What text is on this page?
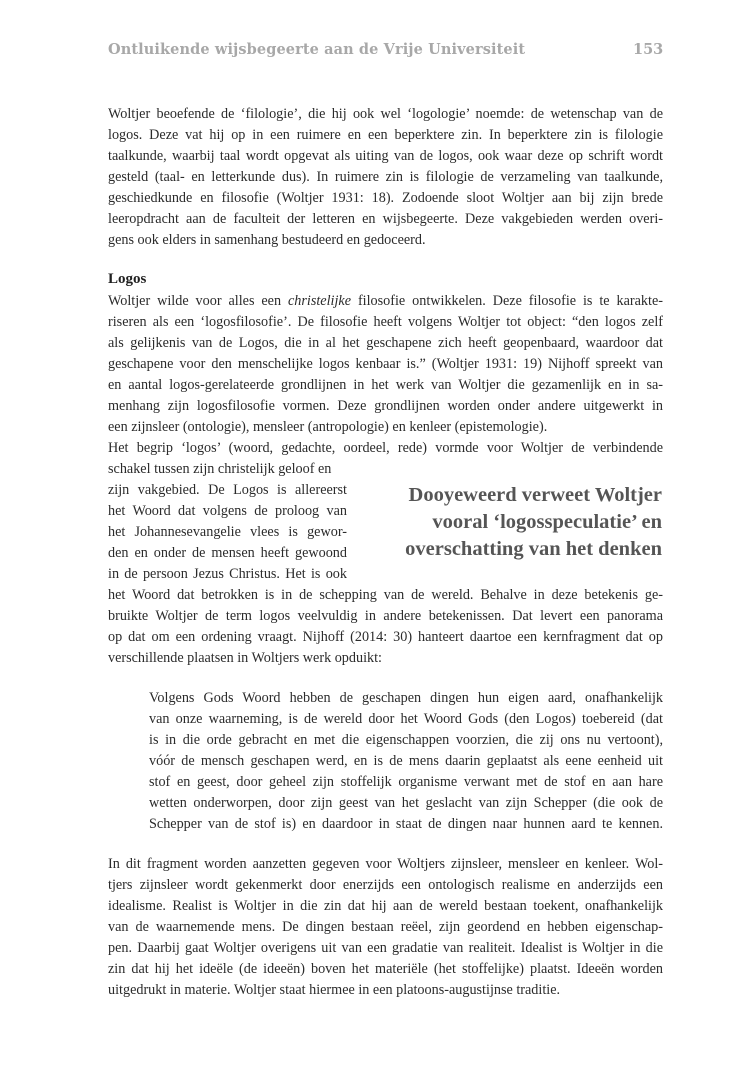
Ontluikende wijsbegeerte aan de Vrije Universiteit	153
Woltjer beoefende de ‘filologie’, die hij ook wel ‘logologie’ noemde: de wetenschap van de
logos. Deze vat hij op in een ruimere en een beperktere zin. In beperktere zin is filologie
taalkunde, waarbij taal wordt opgevat als uiting van de logos, ook waar deze op schrift wordt
gesteld (taal- en letterkunde dus). In ruimere zin is filologie de verzameling van taalkunde,
geschiedkunde en filosofie (Woltjer 1931: 18). Zodoende sloot Woltjer aan bij zijn brede
leeropdracht aan de faculteit der letteren en wijsbegeerte. Deze vakgebieden werden overi-
gens ook elders in samenhang bestudeerd en gedoceerd.
Logos
Woltjer wilde voor alles een christelijke filosofie ontwikkelen. Deze filosofie is te karakte-
riseren als een ‘logosfilosofie’. De filosofie heeft volgens Woltjer tot object: “den logos zelf
als gelijkenis van de Logos, die in al het geschapene zich heeft geopenbaard, waardoor dat
geschapene voor den menschelijke logos kenbaar is.” (Woltjer 1931: 19) Nijhoff spreekt van
en aantal logos-gerelateerde grondlijnen in het werk van Woltjer die gezamenlijk en in sa-
menhang zijn logosfilosofie vormen. Deze grondlijnen worden onder andere uitgewerkt in
een zijnsleer (ontologie), mensleer (antropologie) en kenleer (epistemologie).
Het begrip ‘logos’ (woord, gedachte, oordeel, rede) vormde voor Woltjer de verbindende
schakel tussen zijn christelijk geloof en
zijn vakgebied. De Logos is allereerst
het Woord dat volgens de proloog van
het Johannesevangelie vlees is gewor-
den en onder de mensen heeft gewoond
in de persoon Jezus Christus. Het is ook
het Woord dat betrokken is in de schepping van de wereld. Behalve in deze betekenis ge-
bruikte Woltjer de term logos veelvuldig in andere betekenissen. Dat levert een panorama
op dat om een ordening vraagt. Nijhoff (2014: 30) hanteert daartoe een kernfragment dat op
verschillende plaatsen in Woltjers werk opduikt:
Dooyeweerd verweet Woltjer
vooral ‘logosspeculatie’ en
overschatting van het denken
Volgens Gods Woord hebben de geschapen dingen hun eigen aard, onafhankelijk
van onze waarneming, is de wereld door het Woord Gods (den Logos) toebereid (dat
is in die orde gebracht en met die eigenschappen voorzien, die zij ons nu vertoont),
vóór de mensch geschapen werd, en is de mens daarin geplaatst als eene eenheid uit
stof en geest, door geheel zijn stoffelijk organisme verwant met de stof en aan hare
wetten onderworpen, door zijn geest van het geslacht van zijn Schepper (die ook de
Schepper van de stof is) en daardoor in staat de dingen naar hunnen aard te kennen.
In dit fragment worden aanzetten gegeven voor Woltjers zijnsleer, mensleer en kenleer. Wol-
tjers zijnsleer wordt gekenmerkt door enerzijds een ontologisch realisme en anderzijds een
idealisme. Realist is Woltjer in die zin dat hij aan de wereld bestaan toekent, onafhankelijk
van de waarnemende mens. De dingen bestaan reëel, zijn geordend en hebben eigenschap-
pen. Daarbij gaat Woltjer overigens uit van een gradatie van realiteit. Idealist is Woltjer in die
zin dat hij het ideële (de ideeën) boven het materiële (het stoffelijke) plaatst. Ideeën worden
uitgedrukt in materie. Woltjer staat hiermee in een platoons-augustijnse traditie.
